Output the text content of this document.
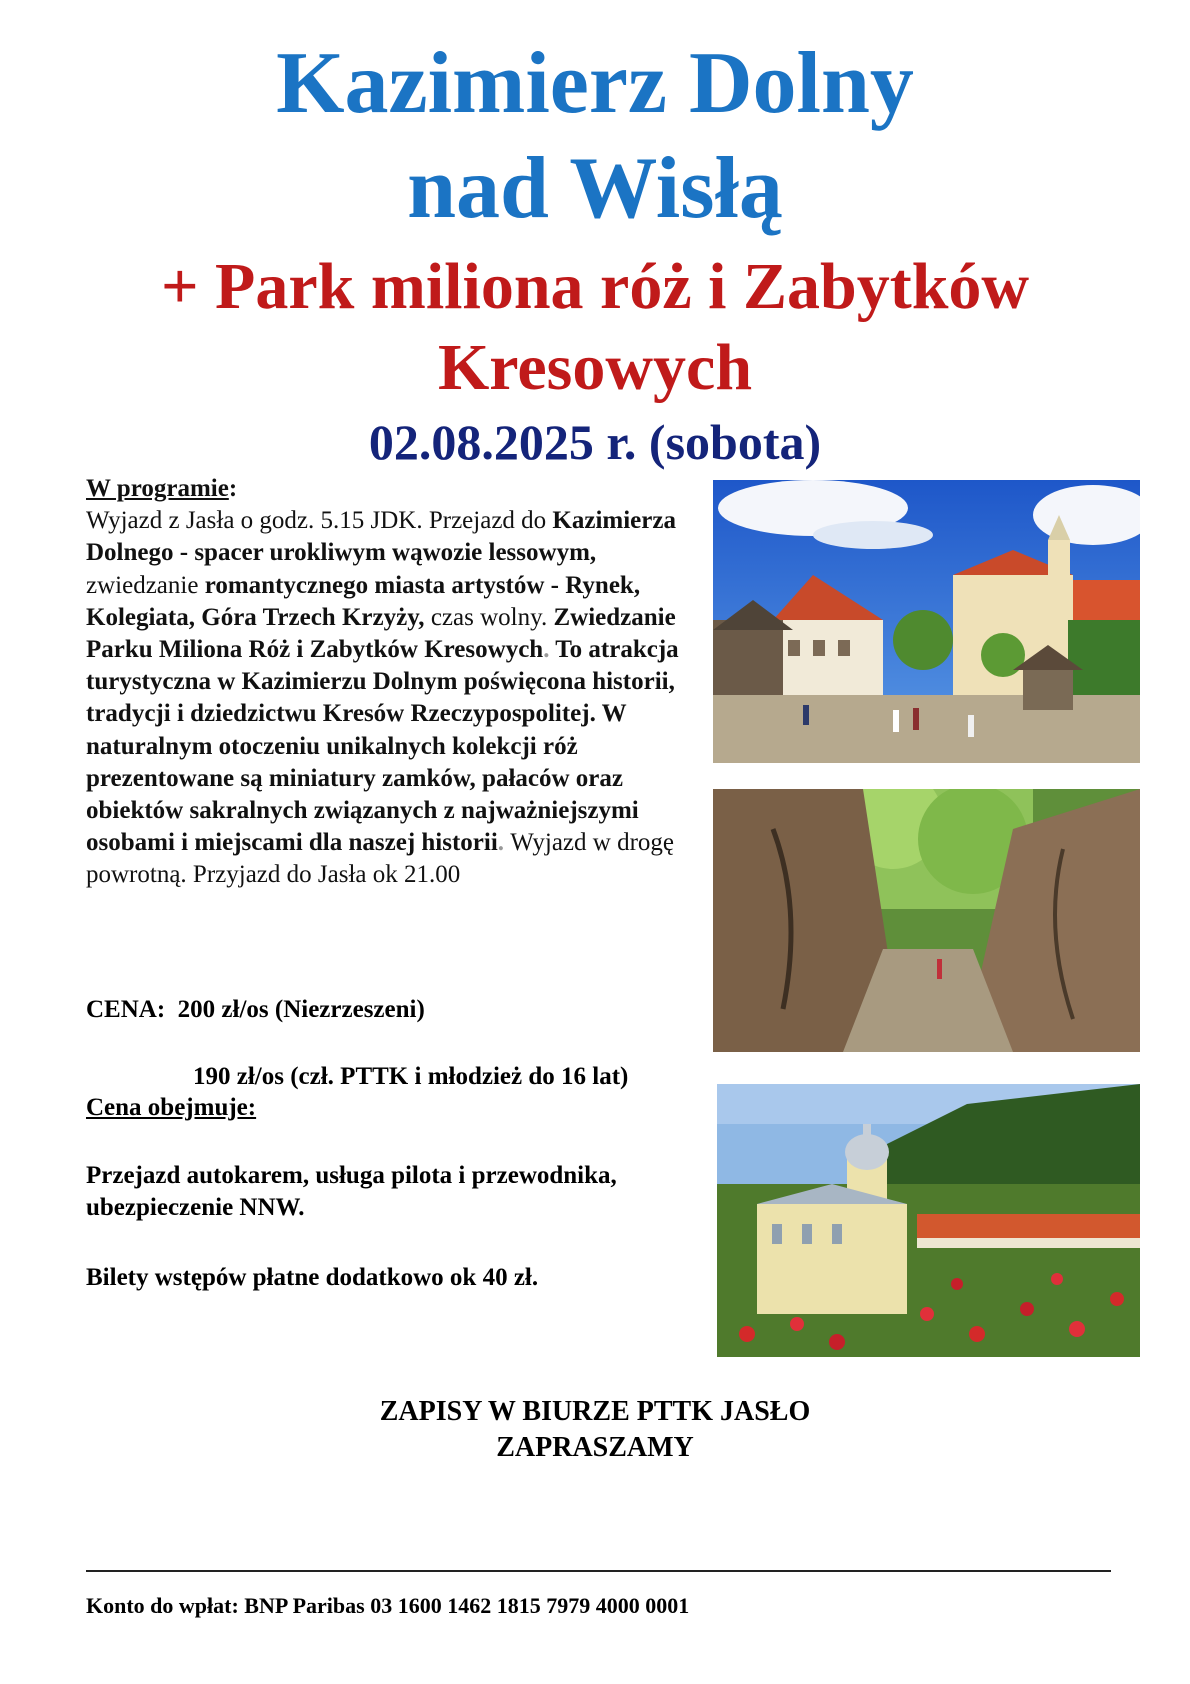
Kazimierz Dolny
nad Wisłą
+ Park miliona róż i Zabytków
Kresowych
02.08.2025 r. (sobota)
W programie:
Wyjazd z Jasła o godz. 5.15 JDK. Przejazd do Kazimierza Dolnego - spacer urokliwym wąwozie lessowym, zwiedzanie romantycznego miasta artystów - Rynek, Kolegiata, Góra Trzech Krzyży, czas wolny. Zwiedzanie Parku Miliona Róż i Zabytków Kresowych. To atrakcja turystyczna w Kazimierzu Dolnym poświęcona historii, tradycji i dziedzictwu Kresów Rzeczypospolitej. W naturalnym otoczeniu unikalnych kolekcji róż prezentowane są miniatury zamków, pałaców oraz obiektów sakralnych związanych z najważniejszymi osobami i miejscami dla naszej historii. Wyjazd w drogę powrotną. Przyjazd do Jasła ok 21.00
CENA: 200 zł/os (Niezrzeszeni)
190 zł/os (czł. PTTK i młodzież do 16 lat)
Cena obejmuje:
Przejazd autokarem, usługa pilota i przewodnika, ubezpieczenie NNW.
Bilety wstępów płatne dodatkowo ok 40 zł.
ZAPISY W BIURZE PTTK JASŁO
ZAPRASZAMY
Konto do wpłat: BNP Paribas 03 1600 1462 1815 7979 4000 0001
